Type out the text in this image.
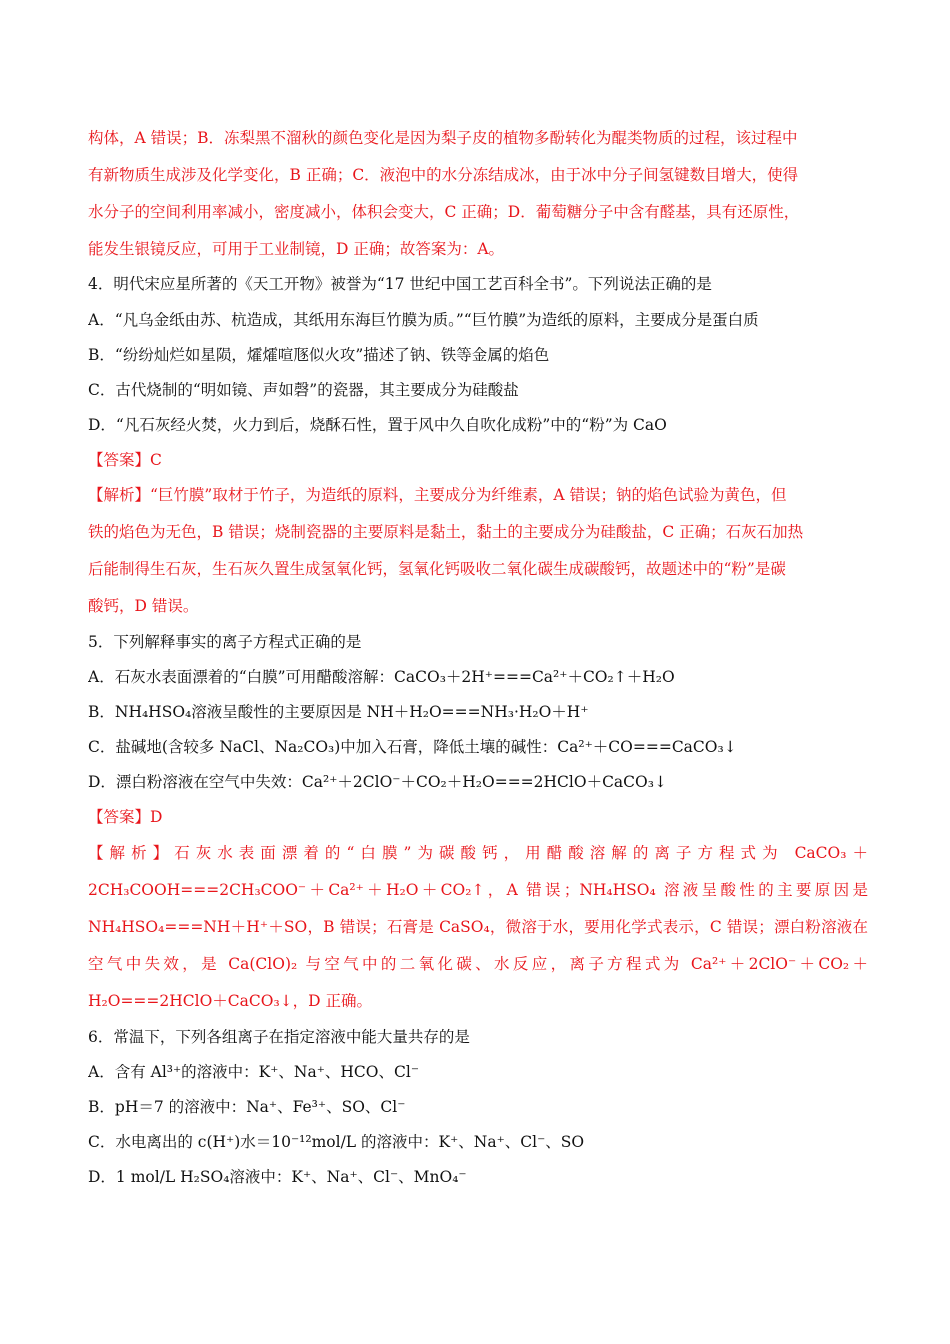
构体，A 错误；B．冻梨黑不溜秋的颜色变化是因为梨子皮的植物多酚转化为醌类物质的过程，该过程中
有新物质生成涉及化学变化，B 正确；C．液泡中的水分冻结成冰，由于冰中分子间氢键数目增大，使得
水分子的空间利用率减小，密度减小，体积会变大，C 正确；D．葡萄糖分子中含有醛基，具有还原性，
能发生银镜反应，可用于工业制镜，D 正确；故答案为：A。
4．明代宋应星所著的《天工开物》被誉为“17 世纪中国工艺百科全书”。下列说法正确的是
A．“凡乌金纸由苏、杭造成，其纸用东海巨竹膜为质。”“巨竹膜”为造纸的原料，主要成分是蛋白质
B．“纷纷灿烂如星陨，㸌㸌喧豗似火攻”描述了钠、铁等金属的焰色
C．古代烧制的“明如镜、声如磬”的瓷器，其主要成分为硅酸盐
D．“凡石灰经火焚，火力到后，烧酥石性，置于风中久自吹化成粉”中的“粉”为 CaO
【答案】C
【解析】“巨竹膜”取材于竹子，为造纸的原料，主要成分为纤维素，A 错误；钠的焰色试验为黄色，但
铁的焰色为无色，B 错误；烧制瓷器的主要原料是黏土，黏土的主要成分为硅酸盐，C 正确；石灰石加热
后能制得生石灰，生石灰久置生成氢氧化钙，氢氧化钙吸收二氧化碳生成碳酸钙，故题述中的“粉”是碳
酸钙，D 错误。
5．下列解释事实的离子方程式正确的是
A．石灰水表面漂着的“白膜”可用醋酸溶解：CaCO₃＋2H⁺===Ca²⁺＋CO₂↑＋H₂O
B．NH₄HSO₄溶液呈酸性的主要原因是 NH＋H₂O===NH₃·H₂O＋H⁺
C．盐碱地(含较多 NaCl、Na₂CO₃)中加入石膏，降低土壤的碱性：Ca²⁺＋CO===CaCO₃↓
D．漂白粉溶液在空气中失效：Ca²⁺＋2ClO⁻＋CO₂＋H₂O===2HClO＋CaCO₃↓
【答案】D
【解析】石灰水表面漂着的“白膜”为碳酸钙，用醋酸溶解的离子方程式为 CaCO₃＋
2CH₃COOH===2CH₃COO⁻＋Ca²⁺＋H₂O＋CO₂↑，A 错误；NH₄HSO₄ 溶液呈酸性的主要原因是
NH₄HSO₄===NH＋H⁺＋SO，B 错误；石膏是 CaSO₄，微溶于水，要用化学式表示，C 错误；漂白粉溶液在
空气中失效，是 Ca(ClO)₂ 与空气中的二氧化碳、水反应，离子方程式为 Ca²⁺＋2ClO⁻＋CO₂＋
H₂O===2HClO＋CaCO₃↓，D 正确。
6．常温下，下列各组离子在指定溶液中能大量共存的是
A．含有 Al³⁺的溶液中：K⁺、Na⁺、HCO、Cl⁻
B．pH＝7 的溶液中：Na⁺、Fe³⁺、SO、Cl⁻
C．水电离出的 c(H⁺)水＝10⁻¹²mol/L 的溶液中：K⁺、Na⁺、Cl⁻、SO
D．1 mol/L H₂SO₄溶液中：K⁺、Na⁺、Cl⁻、MnO₄⁻
